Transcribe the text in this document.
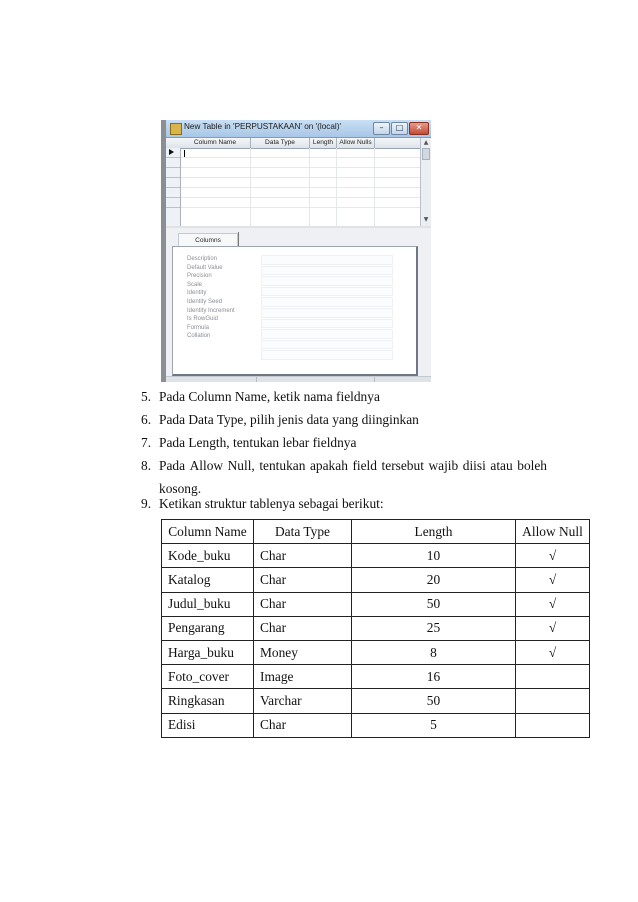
New Table in 'PERPUSTAKAAN' on '(local)'	–	□	✕
Column Name	Data Type	Length Allow Nulls	▲
▼
Columns
Description
Default Value
Precision
Scale
Identity
Identity Seed
Identity Increment
Is RowGuid
Formula
Collation
5. Pada Column Name, ketik nama fieldnya
6. Pada Data Type, pilih jenis data yang diinginkan
7. Pada Length, tentukan lebar fieldnya
8. Pada Allow Null, tentukan apakah field tersebut wajib diisi atau boleh
kosong.
9. Ketikan struktur tablenya sebagai berikut:
Column Name	Data Type	Length	Allow Null
Kode_buku	Char	10	√
Katalog	Char	20	√
Judul_buku	Char	50	√
Pengarang	Char	25	√
Harga_buku	Money	8	√
Foto_cover	Image	16	
Ringkasan	Varchar	50	
Edisi	Char	5	
